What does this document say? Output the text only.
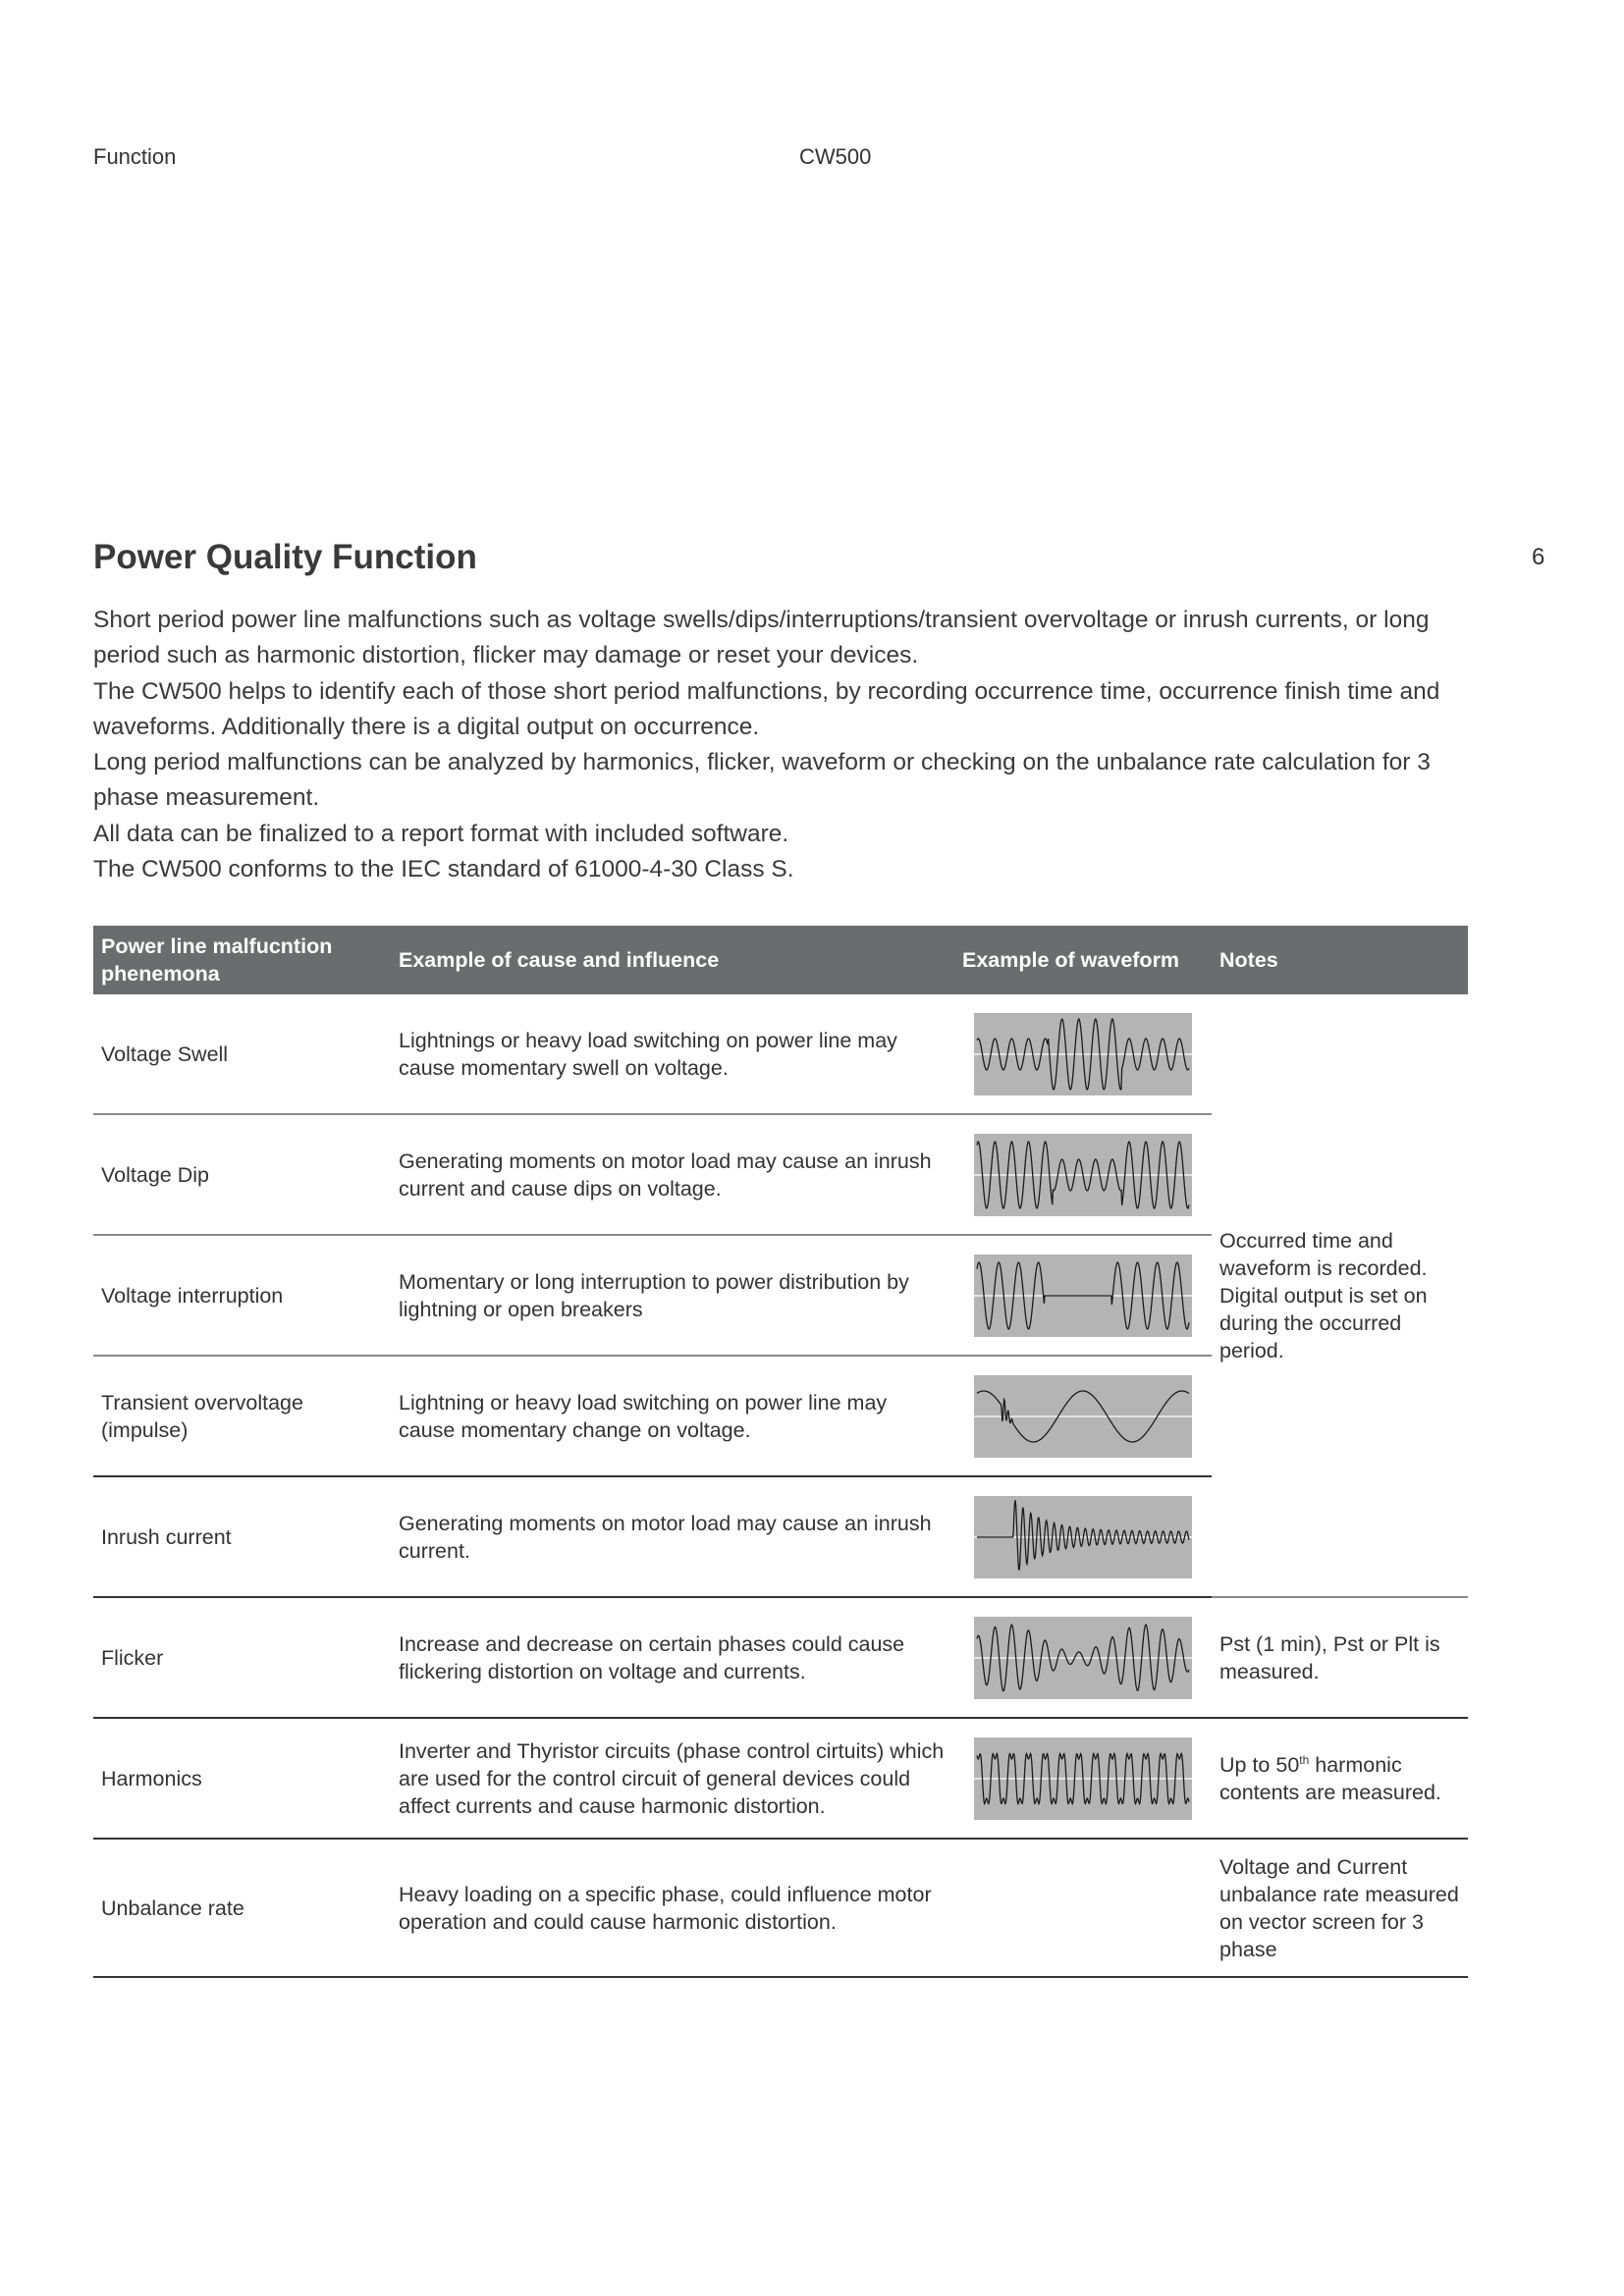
Function	CW500
6
Power Quality Function

Short period power line malfunctions such as voltage swells/dips/interruptions/transient overvoltage or inrush currents, or long period such as harmonic distortion, flicker may damage or reset your devices.

The CW500 helps to identify each of those short period malfunctions, by recording occurrence time, occurrence finish time and waveforms. Additionally there is a digital output on occurrence.

Long period malfunctions can be analyzed by harmonics, flicker, waveform or checking on the unbalance rate calculation for 3 phase measurement.

All data can be finalized to a report format with included software.

The CW500 conforms to the IEC standard of 61000-4-30 Class S.

Power line malfucntion phenemona	Example of cause and influence	Example of waveform	Notes
Voltage Swell	Lightnings or heavy load switching on power line may cause momentary swell on voltage.		Occurred time and waveform is recorded. Digital output is set on during the occurred period.
Voltage Dip	Generating moments on motor load may cause an inrush current and cause dips on voltage.	

Voltage interruption	Momentary or long interruption to power distribution by lightning or open breakers	

Transient overvoltage (impulse)	Lightning or heavy load switching on power line may cause momentary change on voltage.	

Inrush current	Generating moments on motor load may cause an inrush current.	

Flicker	Increase and decrease on certain phases could cause flickering distortion on voltage and currents.		Pst (1 min), Pst or Plt is measured.
Harmonics	Inverter and Thyristor circuits (phase control cirtuits) which are used for the control circuit of general devices could affect currents and cause harmonic distortion.		Up to 50th harmonic contents are measured.
Unbalance rate	Heavy loading on a specific phase, could influence motor operation and could cause harmonic distortion.		Voltage and Current unbalance rate measured on vector screen for 3 phase
